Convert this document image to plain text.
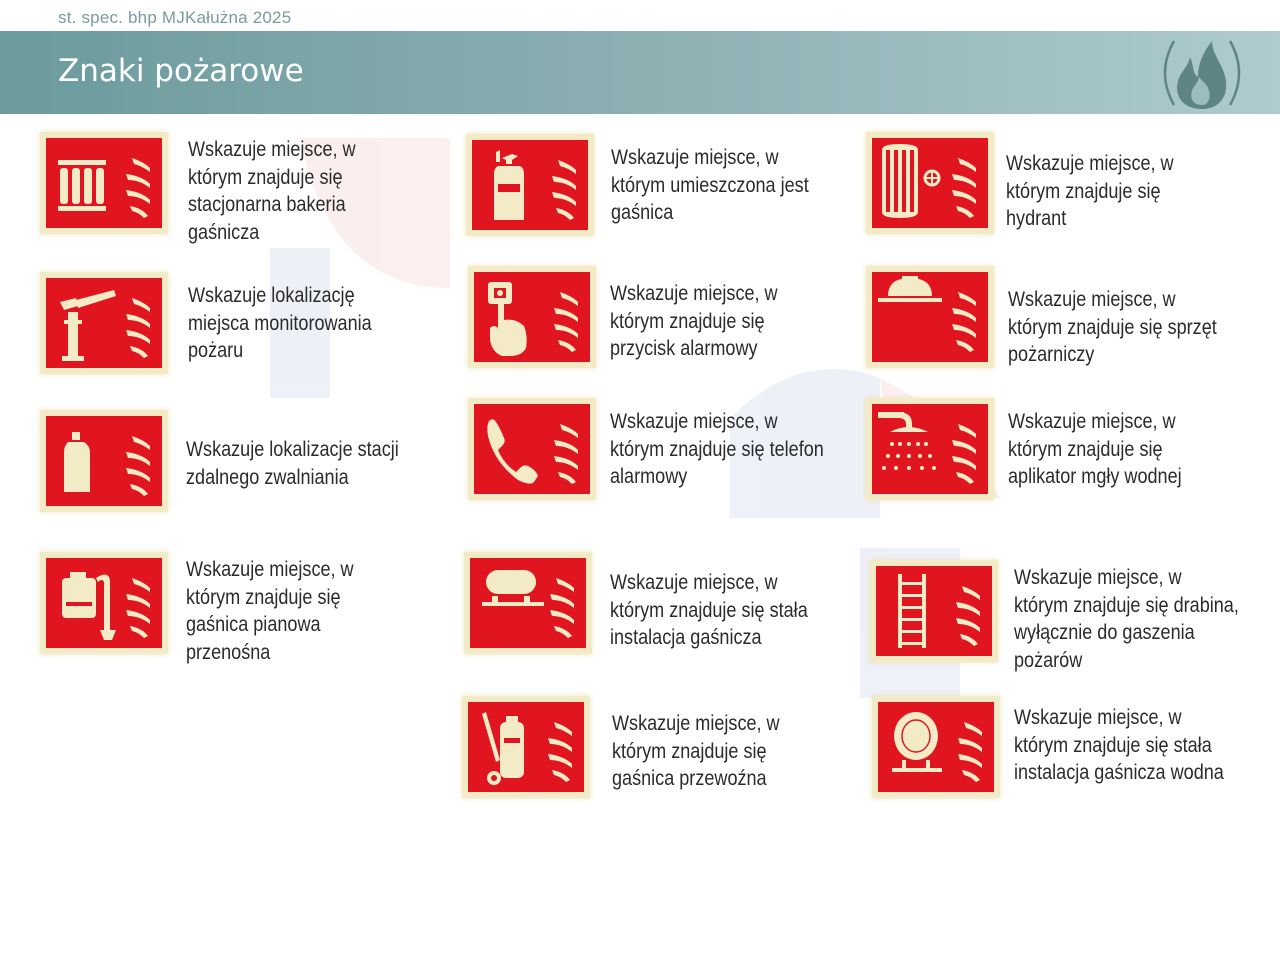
st. spec. bhp MJKałużna 2025
Znaki pożarowe
Wskazuje miejsce, w
którym znajduje się
stacjonarna bakeria
gaśnicza
Wskazuje lokalizację
miejsca monitorowania
pożaru
Wskazuje lokalizacje stacji
zdalnego zwalniania
Wskazuje miejsce, w
którym znajduje się
gaśnica pianowa
przenośna
Wskazuje miejsce, w
którym umieszczona jest
gaśnica
Wskazuje miejsce, w
którym znajduje się
przycisk alarmowy
Wskazuje miejsce, w
którym znajduje się telefon
alarmowy
Wskazuje miejsce, w
którym znajduje się stała
instalacja gaśnicza
Wskazuje miejsce, w
którym znajduje się
gaśnica przewoźna
Wskazuje miejsce, w
którym znajduje się
hydrant
Wskazuje miejsce, w
którym znajduje się sprzęt
pożarniczy
Wskazuje miejsce, w
którym znajduje się
aplikator mgły wodnej
Wskazuje miejsce, w
którym znajduje się drabina,
wyłącznie do gaszenia
pożarów
Wskazuje miejsce, w
którym znajduje się stała
instalacja gaśnicza wodna
